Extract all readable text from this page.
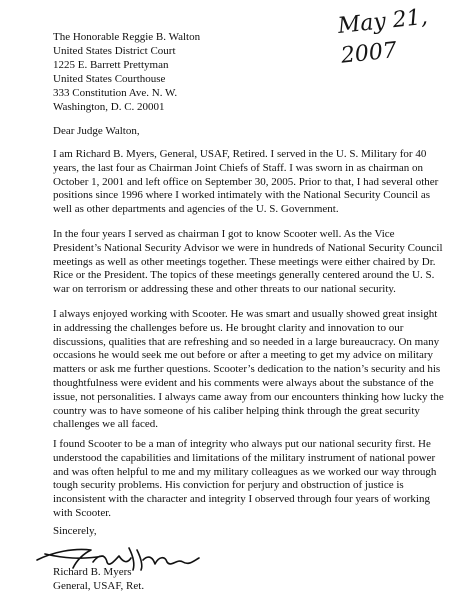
May 21, 2007
The Honorable Reggie B. Walton
United States District Court
1225 E. Barrett Prettyman
United States Courthouse
333 Constitution Ave. N. W.
Washington, D. C. 20001
Dear Judge Walton,
I am Richard B. Myers, General, USAF, Retired. I served in the U. S. Military for 40
years, the last four as Chairman Joint Chiefs of Staff. I was sworn in as chairman on
October 1, 2001 and left office on September 30, 2005. Prior to that, I had several other
positions since 1996 where I worked intimately with the National Security Council as
well as other departments and agencies of the U. S. Government.
In the four years I served as chairman I got to know Scooter well. As the Vice
President’s National Security Advisor we were in hundreds of National Security Council
meetings as well as other meetings together. These meetings were either chaired by Dr.
Rice or the President. The topics of these meetings generally centered around the U. S.
war on terrorism or addressing these and other threats to our national security.
I always enjoyed working with Scooter. He was smart and usually showed great insight
in addressing the challenges before us. He brought clarity and innovation to our
discussions, qualities that are refreshing and so needed in a large bureaucracy. On many
occasions he would seek me out before or after a meeting to get my advice on military
matters or ask me further questions. Scooter’s dedication to the nation’s security and his
thoughtfulness were evident and his comments were always about the substance of the
issue, not personalities. I always came away from our encounters thinking how lucky the
country was to have someone of his caliber helping think through the great security
challenges we all faced.
I found Scooter to be a man of integrity who always put our national security first. He
understood the capabilities and limitations of the military instrument of national power
and was often helpful to me and my military colleagues as we worked our way through
tough security problems. His conviction for perjury and obstruction of justice is
inconsistent with the character and integrity I observed through four years of working
with Scooter.
Sincerely,
Richard B. Myers
General, USAF, Ret.
